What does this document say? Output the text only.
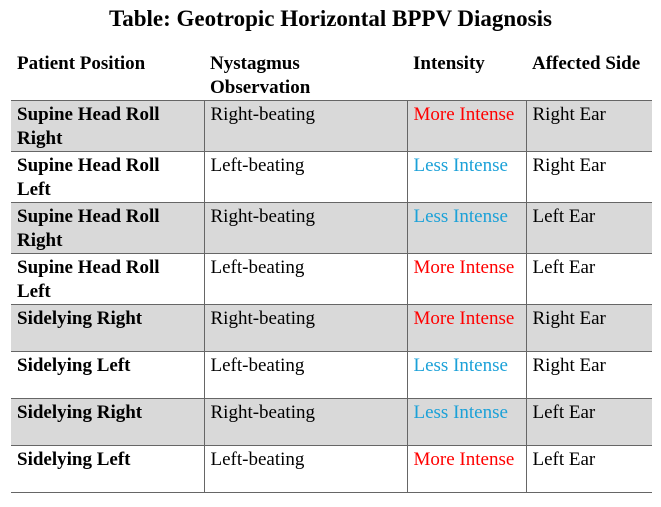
Table: Geotropic Horizontal BPPV Diagnosis
Patient Position	Nystagmus Observation	Intensity	Affected Side
Supine Head Roll Right	Right-beating	More Intense	Right Ear
Supine Head Roll Left	Left-beating	Less Intense	Right Ear
Supine Head Roll Right	Right-beating	Less Intense	Left Ear
Supine Head Roll Left	Left-beating	More Intense	Left Ear
Sidelying Right	Right-beating	More Intense	Right Ear
Sidelying Left	Left-beating	Less Intense	Right Ear
Sidelying Right	Right-beating	Less Intense	Left Ear
Sidelying Left	Left-beating	More Intense	Left Ear
